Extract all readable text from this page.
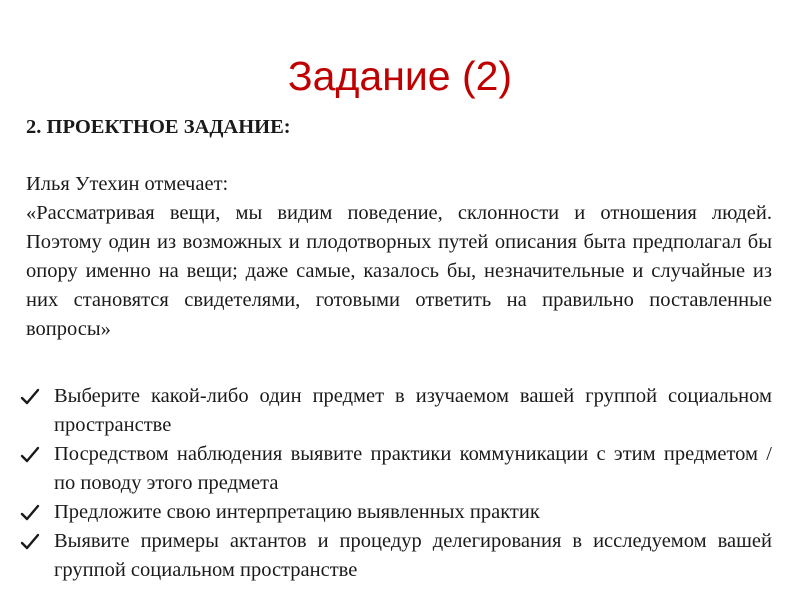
Задание (2)

2. ПРОЕКТНОЕ ЗАДАНИЕ:

Илья Утехин отмечает:

«Рассматривая вещи, мы видим поведение, склонности и отношения людей. Поэтому один из возможных и плодотворных путей описания быта предполагал бы опору именно на вещи; даже самые, казалось бы, незначительные и случайные из них становятся свидетелями, готовыми ответить на правильно поставленные вопросы»

Выберите какой-либо один предмет в изучаемом вашей группой социальном пространстве
Посредством наблюдения выявите практики коммуникации с этим предметом / по поводу этого предмета
Предложите свою интерпретацию выявленных практик
Выявите примеры актантов и процедур делегирования в исследуемом вашей группой социальном пространстве
